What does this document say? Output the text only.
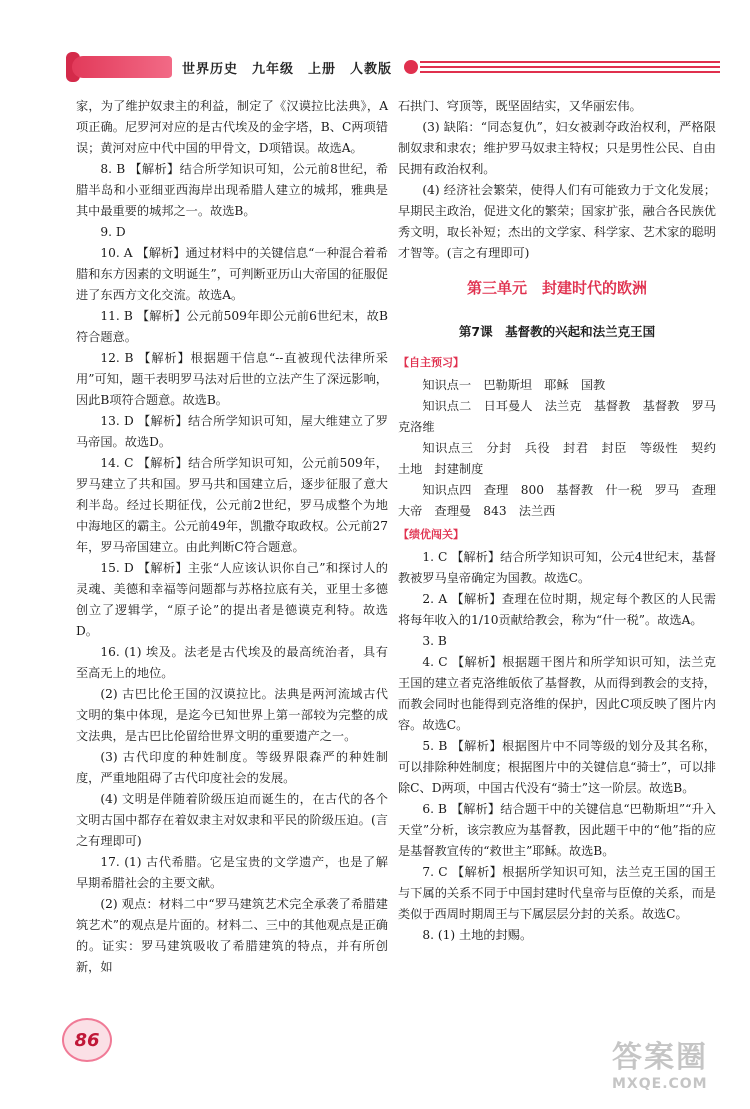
世界历史　九年级　上册　人教版

家，为了维护奴隶主的利益，制定了《汉谟拉比法典》，A项正确。尼罗河对应的是古代埃及的金字塔，B、C两项错误；黄河对应中代中国的甲骨文，D项错误。故选A。

8. B 【解析】结合所学知识可知，公元前8世纪，希腊半岛和小亚细亚西海岸出现希腊人建立的城邦，雅典是其中最重要的城邦之一。故选B。

9. D

10. A 【解析】通过材料中的关键信息“一种混合着希腊和东方因素的文明诞生”，可判断亚历山大帝国的征服促进了东西方文化交流。故选A。

11. B 【解析】公元前509年即公元前6世纪末，故B符合题意。

12. B 【解析】根据题干信息“--直被现代法律所采用”可知，题干表明罗马法对后世的立法产生了深远影响，因此B项符合题意。故选B。

13. D 【解析】结合所学知识可知，屋大维建立了罗马帝国。故选D。

14. C 【解析】结合所学知识可知，公元前509年，罗马建立了共和国。罗马共和国建立后，逐步征服了意大利半岛。经过长期征伐，公元前2世纪，罗马成整个为地中海地区的霸主。公元前49年，凯撒夺取政权。公元前27年，罗马帝国建立。由此判断C符合题意。

15. D 【解析】主张“人应该认识你自己”和探讨人的灵魂、美德和幸福等问题都与苏格拉底有关，亚里士多德创立了逻辑学，“原子论”的提出者是德谟克利特。故选D。

16. (1) 埃及。法老是古代埃及的最高统治者，具有至高无上的地位。

(2) 古巴比伦王国的汉谟拉比。法典是两河流域古代文明的集中体现，是迄今已知世界上第一部较为完整的成文法典，是古巴比伦留给世界文明的重要遗产之一。

(3) 古代印度的种姓制度。等级界限森严的种姓制度，严重地阻碍了古代印度社会的发展。

(4) 文明是伴随着阶级压迫而诞生的，在古代的各个文明古国中都存在着奴隶主对奴隶和平民的阶级压迫。(言之有理即可)

17. (1) 古代希腊。它是宝贵的文学遗产，也是了解早期希腊社会的主要文献。

(2) 观点：材料二中“罗马建筑艺术完全承袭了希腊建筑艺术”的观点是片面的。材料二、三中的其他观点是正确的。证实：罗马建筑吸收了希腊建筑的特点，并有所创新，如

石拱门、穹顶等，既坚固结实，又华丽宏伟。

(3) 缺陷：“同态复仇”，妇女被剥夺政治权利，严格限制奴隶和隶农；维护罗马奴隶主特权；只是男性公民、自由民拥有政治权利。

(4) 经济社会繁荣，使得人们有可能致力于文化发展；早期民主政治，促进文化的繁荣；国家扩张，融合各民族优秀文明，取长补短；杰出的文学家、科学家、艺术家的聪明才智等。(言之有理即可)

第三单元　封建时代的欧洲
第7课　基督教的兴起和法兰克王国
【自主预习】

知识点一　巴勒斯坦　耶稣　国教

知识点二　日耳曼人　法兰克　基督教　基督教　罗马　克洛维

知识点三　分封　兵役　封君　封臣　等级性　契约　土地　封建制度

知识点四　查理　800　基督教　什一税　罗马　查理大帝　查理曼　843　法兰西

【绩优闯关】

1. C 【解析】结合所学知识可知，公元4世纪末，基督教被罗马皇帝确定为国教。故选C。

2. A 【解析】查理在位时期，规定每个教区的人民需将每年收入的1/10贡献给教会，称为“什一税”。故选A。

3. B

4. C 【解析】根据题干图片和所学知识可知，法兰克王国的建立者克洛维皈依了基督教，从而得到教会的支持，而教会同时也能得到克洛维的保护，因此C项反映了图片内容。故选C。

5. B 【解析】根据图片中不同等级的划分及其名称，可以排除种姓制度；根据图片中的关键信息“骑士”，可以排除C、D两项，中国古代没有“骑士”这一阶层。故选B。

6. B 【解析】结合题干中的关键信息“巴勒斯坦”“升入天堂”分析，该宗教应为基督教，因此题干中的“他”指的应是基督教宣传的“救世主”耶稣。故选B。

7. C 【解析】根据所学知识可知，法兰克王国的国王与下属的关系不同于中国封建时代皇帝与臣僚的关系，而是类似于西周时期周王与下属层层分封的关系。故选C。

8. (1) 土地的封赐。

86	答案圈
MXQE.COM
